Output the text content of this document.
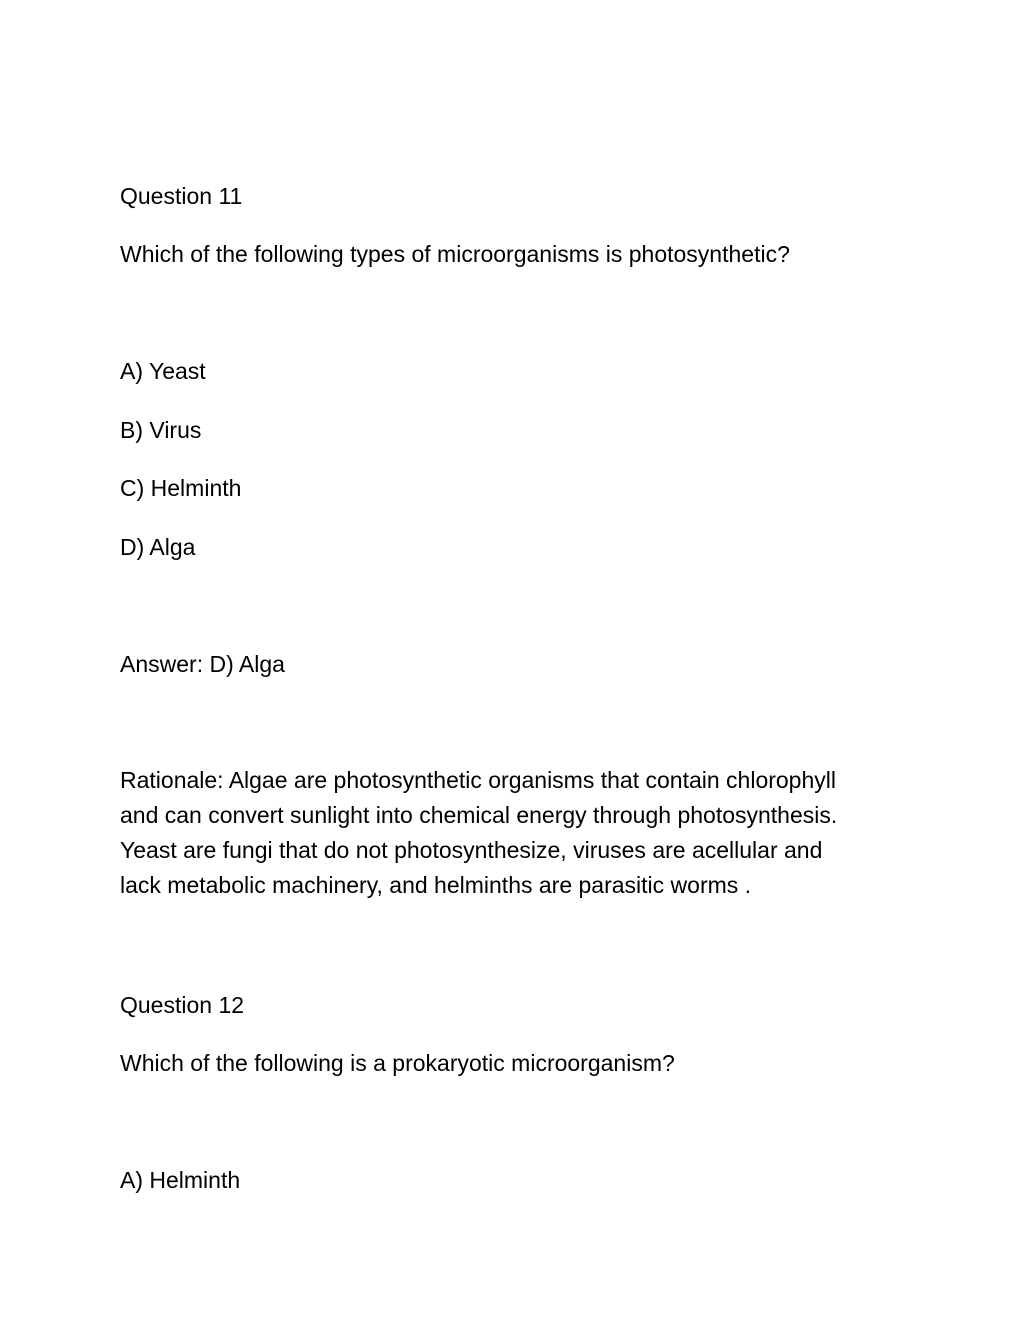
Question 11
Which of the following types of microorganisms is photosynthetic?
A) Yeast
B) Virus
C) Helminth
D) Alga
Answer: D) Alga
Rationale: Algae are photosynthetic organisms that contain chlorophyll
and can convert sunlight into chemical energy through photosynthesis.
Yeast are fungi that do not photosynthesize, viruses are acellular and
lack metabolic machinery, and helminths are parasitic worms .
Question 12
Which of the following is a prokaryotic microorganism?
A) Helminth
